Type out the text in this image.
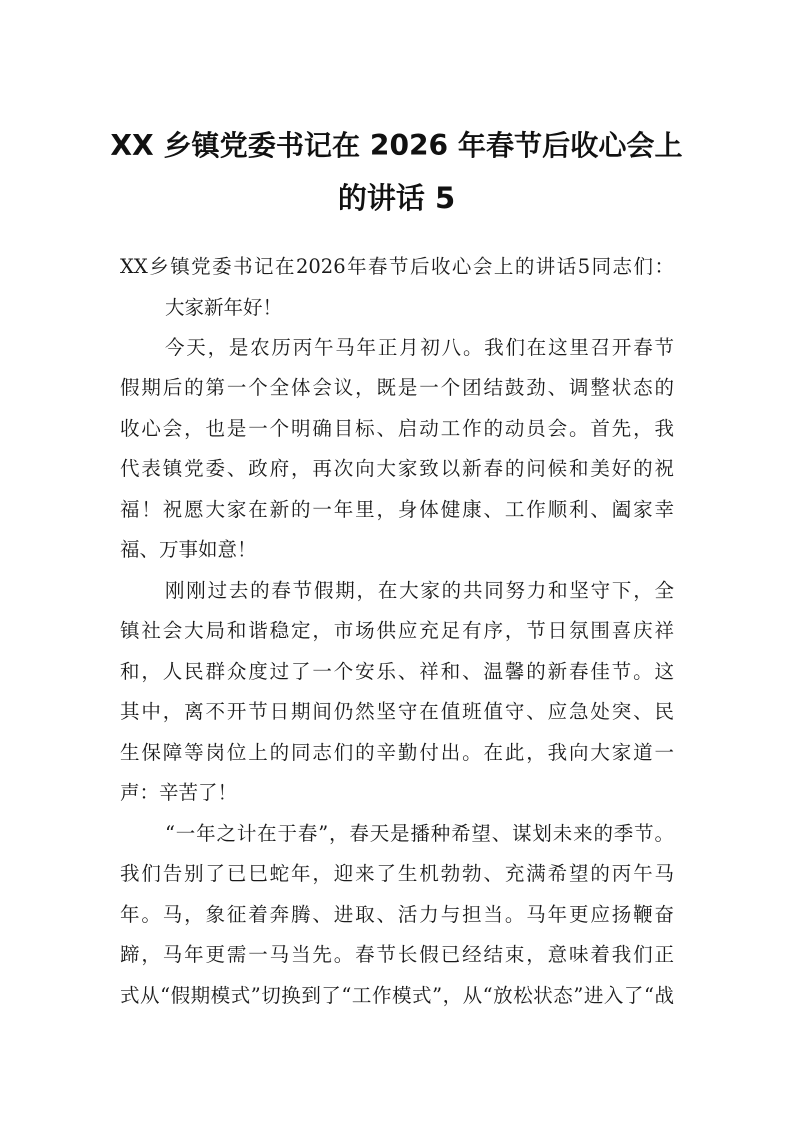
XX 乡镇党委书记在 2026 年春节后收心会上
的讲话 5
XX乡镇党委书记在2026年春节后收心会上的讲话5同志们：
大家新年好！
今天，是农历丙午马年正月初八。我们在这里召开春节
假期后的第一个全体会议，既是一个团结鼓劲、调整状态的
收心会，也是一个明确目标、启动工作的动员会。首先，我
代表镇党委、政府，再次向大家致以新春的问候和美好的祝
福！祝愿大家在新的一年里，身体健康、工作顺利、阖家幸
福、万事如意！
刚刚过去的春节假期，在大家的共同努力和坚守下，全
镇社会大局和谐稳定，市场供应充足有序，节日氛围喜庆祥
和，人民群众度过了一个安乐、祥和、温馨的新春佳节。这
其中，离不开节日期间仍然坚守在值班值守、应急处突、民
生保障等岗位上的同志们的辛勤付出。在此，我向大家道一
声：辛苦了！
“一年之计在于春”，春天是播种希望、谋划未来的季节。
我们告别了已巳蛇年，迎来了生机勃勃、充满希望的丙午马
年。马，象征着奔腾、进取、活力与担当。马年更应扬鞭奋
蹄，马年更需一马当先。春节长假已经结束，意味着我们正
式从“假期模式”切换到了“工作模式”，从“放松状态”进入了“战
